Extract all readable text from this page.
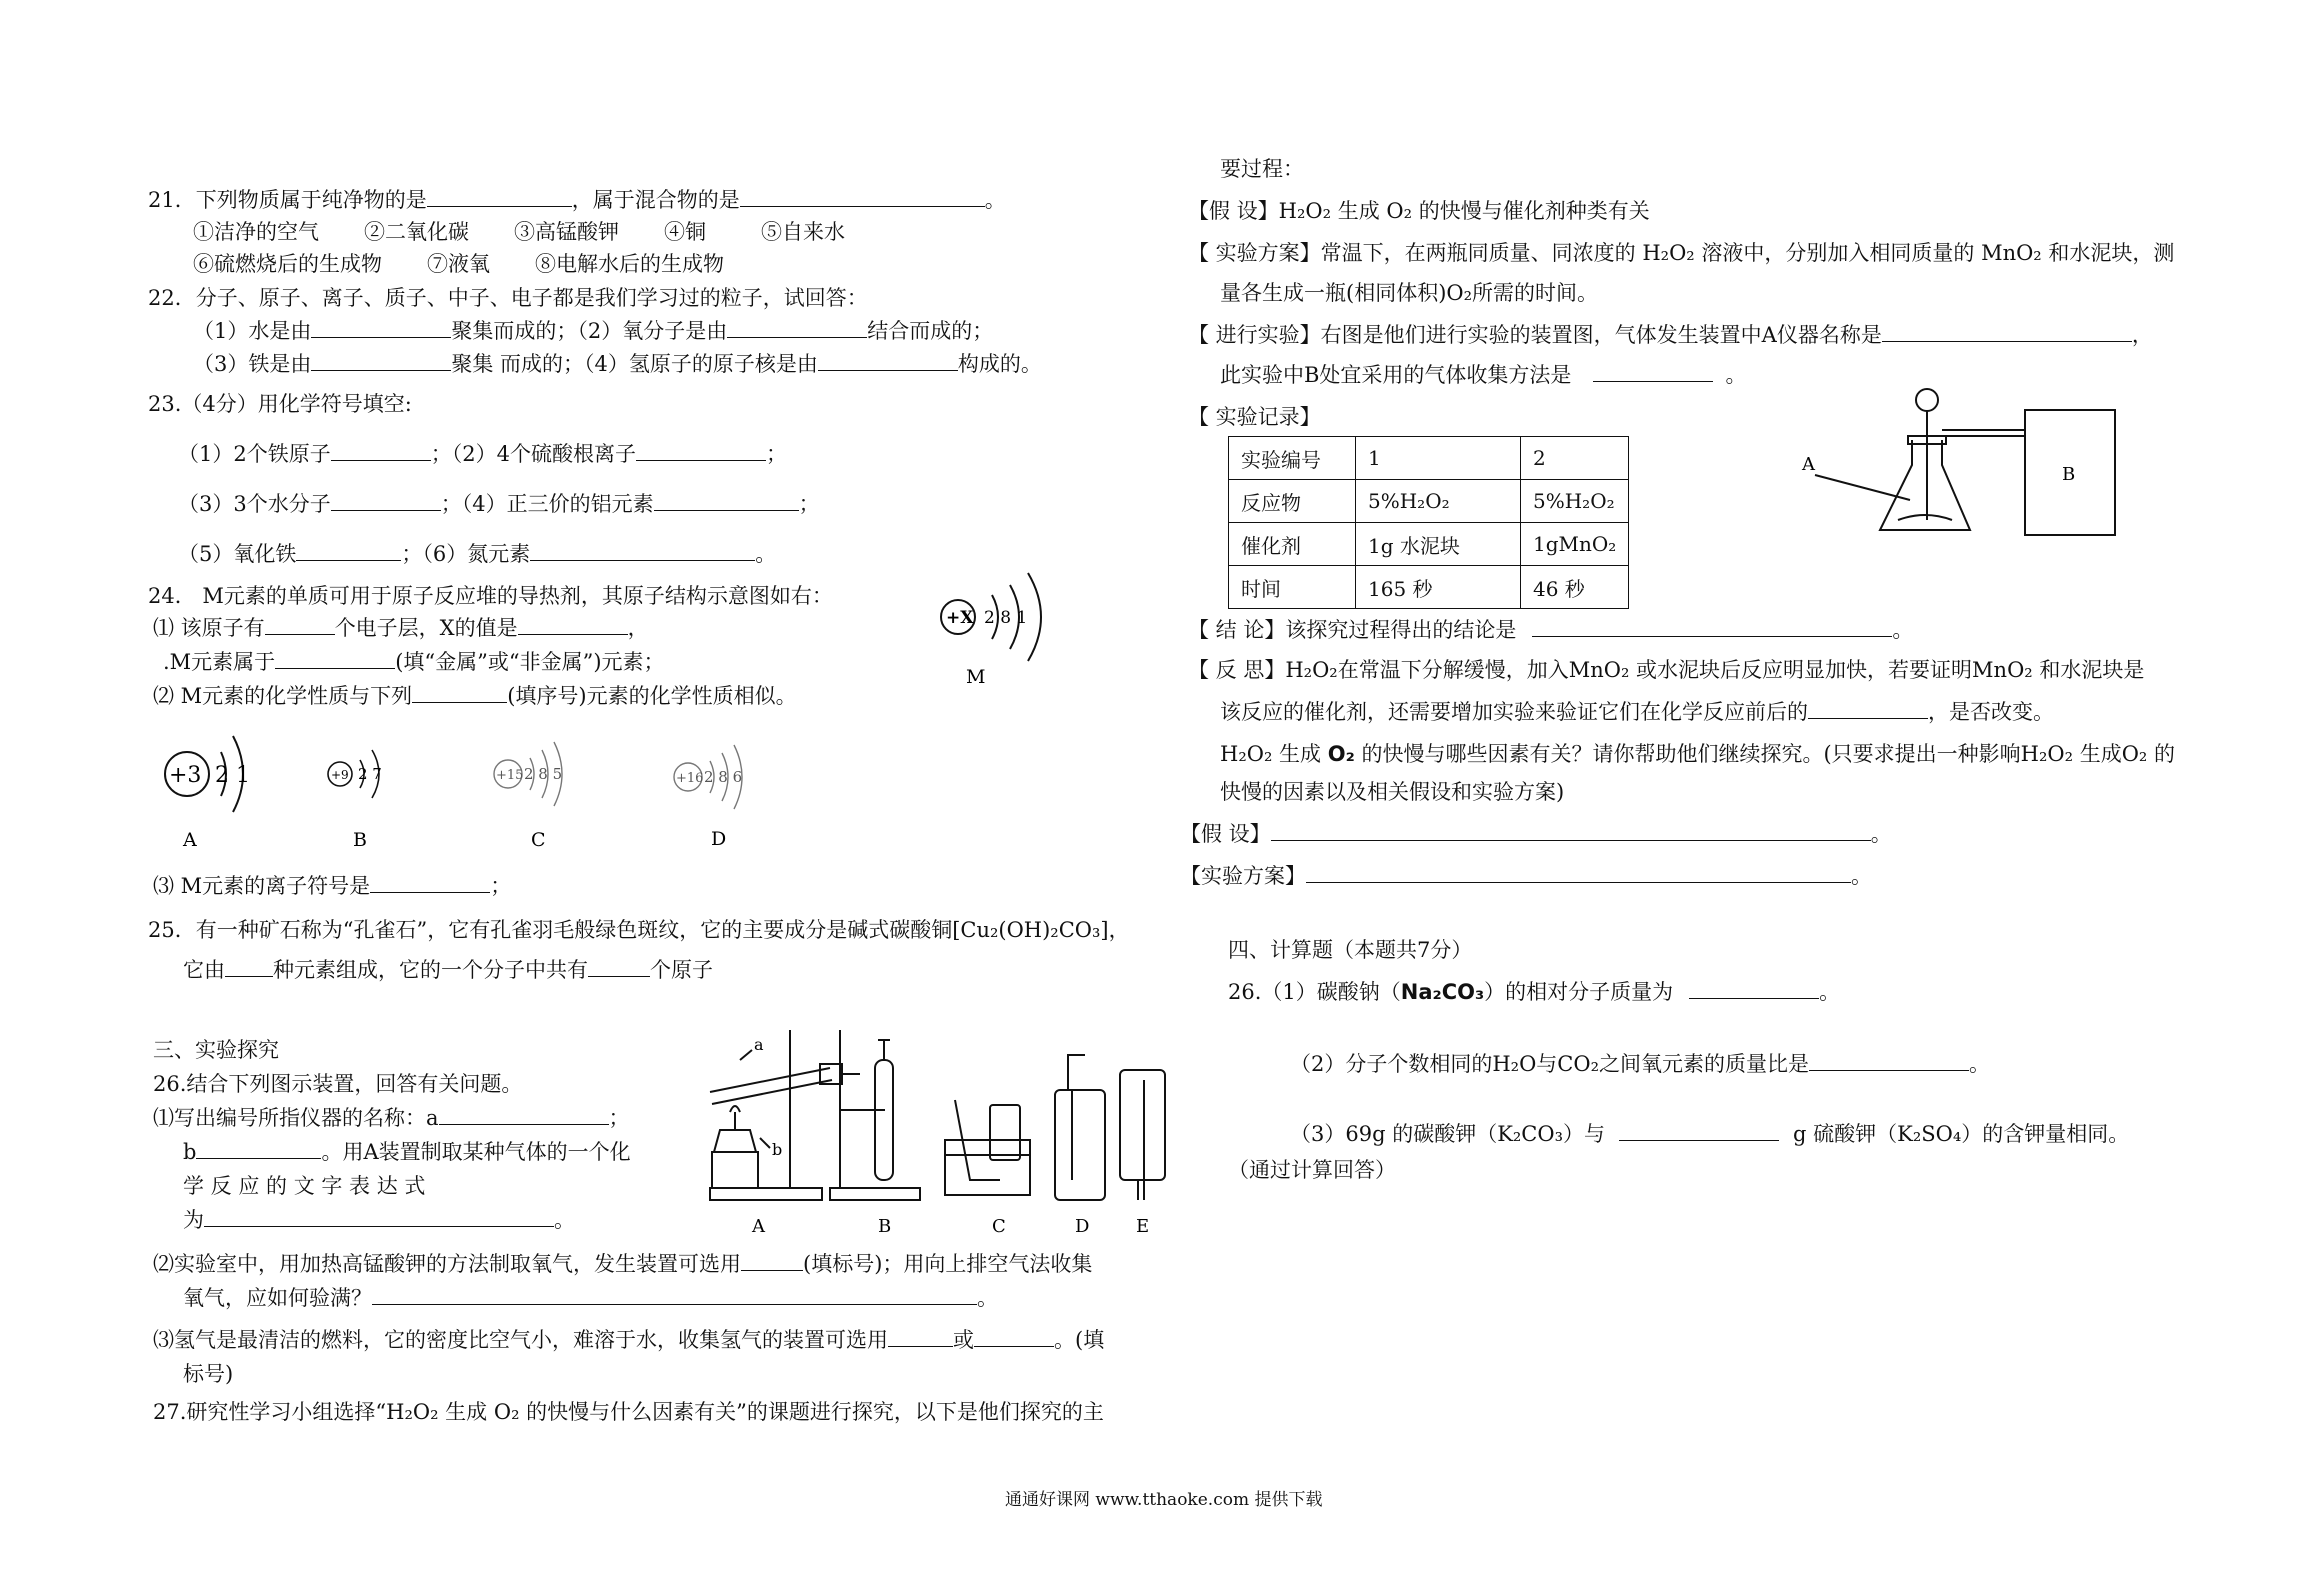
21．下列物质属于纯净物的是	，属于混合物的是	。
①洁净的空气 ②二氧化碳 ③高锰酸钾 ④铜	⑤自来水
⑥硫燃烧后的生成物 ⑦液氧 ⑧电解水后的生成物
22．分子、原子、离子、质子、中子、电子都是我们学习过的粒子，试回答：
（1）水是由	聚集而成的；（2）氧分子是由	结合而成的；
（3）铁是由	聚集 而成的；（4）氢原子的原子核是由	构成的。
23.（4分）用化学符号填空:
（1）2个铁原子	；（2）4个硫酸根离子	；
（3）3个水分子	；（4）正三价的铝元素	；
（5）氧化铁	；（6）氮元素	。
24． M元素的单质可用于原子反应堆的导热剂，其原子结构示意图如右：
⑴ 该原子有	个电子层，X的值是	，
.M元素属于	(填“金属”或“非金属”)元素；
⑵ M元素的化学性质与下列	(填序号)元素的化学性质相似。
+X 2 8 1
M
+3 2 1
A
+9 2 7
B
+15 2 8 5
C
+16 2 8 6
D
⑶ M元素的离子符号是	；
25．有一种矿石称为“孔雀石”，它有孔雀羽毛般绿色斑纹，它的主要成分是碱式碳酸铜[Cu₂(OH)₂CO₃]，
它由 种元素组成，它的一个分子中共有	个原子
三、实验探究
26.结合下列图示装置，回答有关问题。
⑴写出编号所指仪器的名称：a	；
b	。用A装置制取某种气体的一个化
学 反 应 的 文 字 表 达 式
为	。
⑵实验室中，用加热高锰酸钾的方法制取氧气，发生装置可选用	(填标号)；用向上排空气法收集
氧气，应如何验满？	。
⑶氢气是最清洁的燃料，它的密度比空气小，难溶于水，收集氢气的装置可选用	或	。(填
标号)
a
b
A	B	C	D	E
27.研究性学习小组选择“H₂O₂ 生成 O₂ 的快慢与什么因素有关”的课题进行探究，以下是他们探究的主
要过程：
【假 设】H₂O₂ 生成 O₂ 的快慢与催化剂种类有关
【 实验方案】常温下，在两瓶同质量、同浓度的 H₂O₂ 溶液中，分别加入相同质量的 MnO₂ 和水泥块，测
量各生成一瓶(相同体积)O₂所需的时间。
【 进行实验】右图是他们进行实验的装置图，气体发生装置中A仪器名称是	，
此实验中B处宜采用的气体收集方法是	。
【 实验记录】
实验编号	1	2
反应物	5%H₂O₂	5%H₂O₂
催化剂	1g 水泥块	1gMnO₂
时间	165 秒	46 秒
A	B
【 结 论】该探究过程得出的结论是	。
【 反 思】H₂O₂在常温下分解缓慢，加入MnO₂ 或水泥块后反应明显加快，若要证明MnO₂ 和水泥块是
该反应的催化剂，还需要增加实验来验证它们在化学反应前后的	，是否改变。
H₂O₂ 生成 O₂ 的快慢与哪些因素有关？请你帮助他们继续探究。(只要求提出一种影响H₂O₂ 生成O₂ 的
快慢的因素以及相关假设和实验方案)
【假 设】	。
【实验方案】	。
四、计算题（本题共7分）
26.（1）碳酸钠（Na₂CO₃）的相对分子质量为	。
（2）分子个数相同的H₂O与CO₂之间氧元素的质量比是	。
（3）69g 的碳酸钾（K₂CO₃）与	g 硫酸钾（K₂SO₄）的含钾量相同。
（通过计算回答）
通通好课网 www.tthaoke.com 提供下载
